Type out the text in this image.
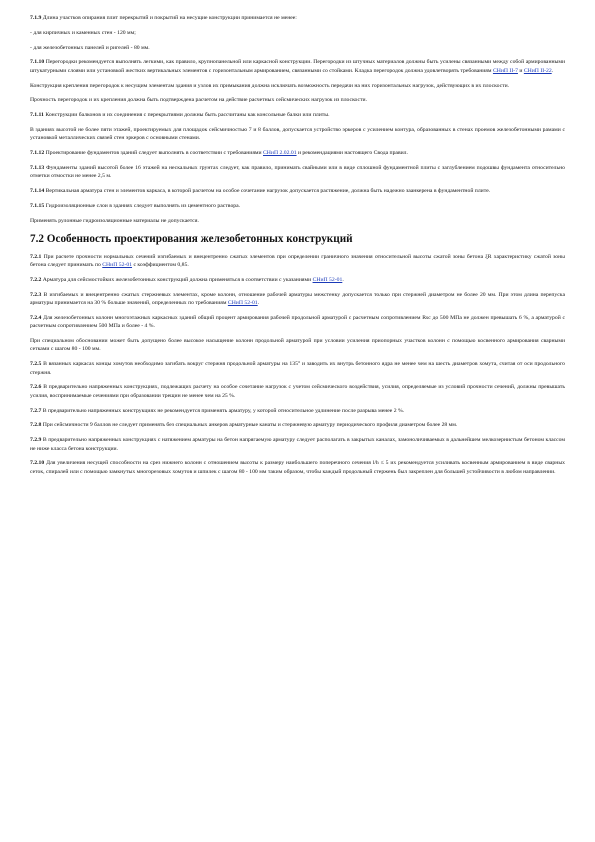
7.1.9 Длина участков опирания плит перекрытий и покрытий на несущие конструкции принимается не менее:

- для кирпичных и каменных стен - 120 мм;

- для железобетонных панелей и ригелей - 80 мм.

7.1.10 Перегородки рекомендуется выполнять легкими, как правило, крупнопанельной или каркасной конструкции. Перегородки из штучных материалов должны быть усилены связанными между собой армированными штукатурными слоями или установкой жестких вертикальных элементов с горизонтальным армированием, связанными со стойками. Кладка перегородок должна удовлетворять требованиям СНиП II-7 и СНиП II-22.

Конструкция крепления перегородок к несущим элементам здания и узлов их примыкания должна исключать возможность передачи на них горизонтальных нагрузок, действующих в их плоскости.

Прочность перегородок и их крепления должна быть подтверждена расчетом на действие расчетных сейсмических нагрузок из плоскости.

7.1.11 Конструкции балконов и их соединения с перекрытиями должны быть рассчитаны как консольные балки или плиты.

В зданиях высотой не более пяти этажей, проектируемых для площадок сейсмичностью 7 и 8 баллов, допускается устройство эркеров с усилением контура, образованных в стенах проемов железобетонными рамами с установкой металлических связей стен эркеров с основными стенами.

7.1.12 Проектирование фундаментов зданий следует выполнять в соответствии с требованиями СНиП 2.02.01 и рекомендациями настоящего Свода правил.

7.1.13 Фундаменты зданий высотой более 16 этажей на нескальных грунтах следует, как правило, принимать свайными или в виде сплошной фундаментной плиты с заглублением подошвы фундамента относительно отметки отмостки не менее 2,5 м.

7.1.14 Вертикальная арматура стен и элементов каркаса, в которой расчетом на особое сочетание нагрузок допускается растяжение, должна быть надежно заанкерена в фундаментной плите.

7.1.15 Гидроизоляционные слои в зданиях следует выполнять из цементного раствора.

Применять рулонные гидроизоляционные материалы не допускается.

7.2 Особенность проектирования железобетонных конструкций

7.2.1 При расчете прочности нормальных сечений изгибаемых и внецентренно сжатых элементов при определении граничного значения относительной высоты сжатой зоны бетона ξR характеристику сжатой зоны бетона следует принимать по СНиП 52-01 с коэффициентом 0,85.

7.2.2 Арматура для сейсмостойких железобетонных конструкций должна применяться в соответствии с указаниями СНиП 52-01.

7.2.3 В изгибаемых и внецентренно сжатых стержневых элементах, кроме колонн, отношение рабочей арматуры межстенку допускается только при стержней диаметром не более 20 мм. При этом длина перепуска арматуры принимается на 30 % больше значений, определенных по требованиям СНиП 52-01.

7.2.4 Для железобетонных колонн многоэтажных каркасных зданий общий процент армирования рабочей продольной арматурой с расчетным сопротивлением Rsc до 500 МПа не должен превышать 6 %, а арматурой с расчетным сопротивлением 500 МПа и более - 4 %.

При специальном обосновании может быть допущено более высокое насыщение колонн продольной арматурой при условии усиления приопорных участков колонн с помощью косвенного армирования сварными сетками с шагом 80 - 100 мм.

7.2.5 В вязанных каркасах концы хомутов необходимо загибать вокруг стержня продольной арматуры на 135° и заводить их внутрь бетонного ядра не менее чем на шесть диаметров хомута, считая от оси продольного стержня.

7.2.6 В предварительно напряженных конструкциях, подлежащих расчету на особое сочетание нагрузок с учетом сейсмического воздействия, усилия, определяемые из условий прочности сечений, должны превышать усилия, воспринимаемые сечениями при образовании трещин не менее чем на 25 %.

7.2.7 В предварительно напряженных конструкциях не рекомендуется применять арматуру, у которой относительное удлинение после разрыва менее 2 %.

7.2.8 При сейсмичности 9 баллов не следует применять без специальных анкеров арматурные канаты и стержневую арматуру периодического профиля диаметром более 28 мм.

7.2.9 В предварительно напряженных конструкциях с натяжением арматуры на бетон напрягаемую арматуру следует располагать в закрытых каналах, замоноличиваемых в дальнейшем мелкозернистым бетоном классом не ниже класса бетона конструкции.

7.2.10 Для увеличения несущей способности на срез нижнего колонн с отношением высоты к размеру наибольшего поперечного сечения l/h ≤ 5 их рекомендуется усиливать косвенным армированием в виде сварных сеток, спиралей или с помощью замкнутых многорезовых хомутов и шпилек с шагом 80 - 100 мм таким образом, чтобы каждый продольный стержень был закреплен для большей устойчивости в любом направлении.
